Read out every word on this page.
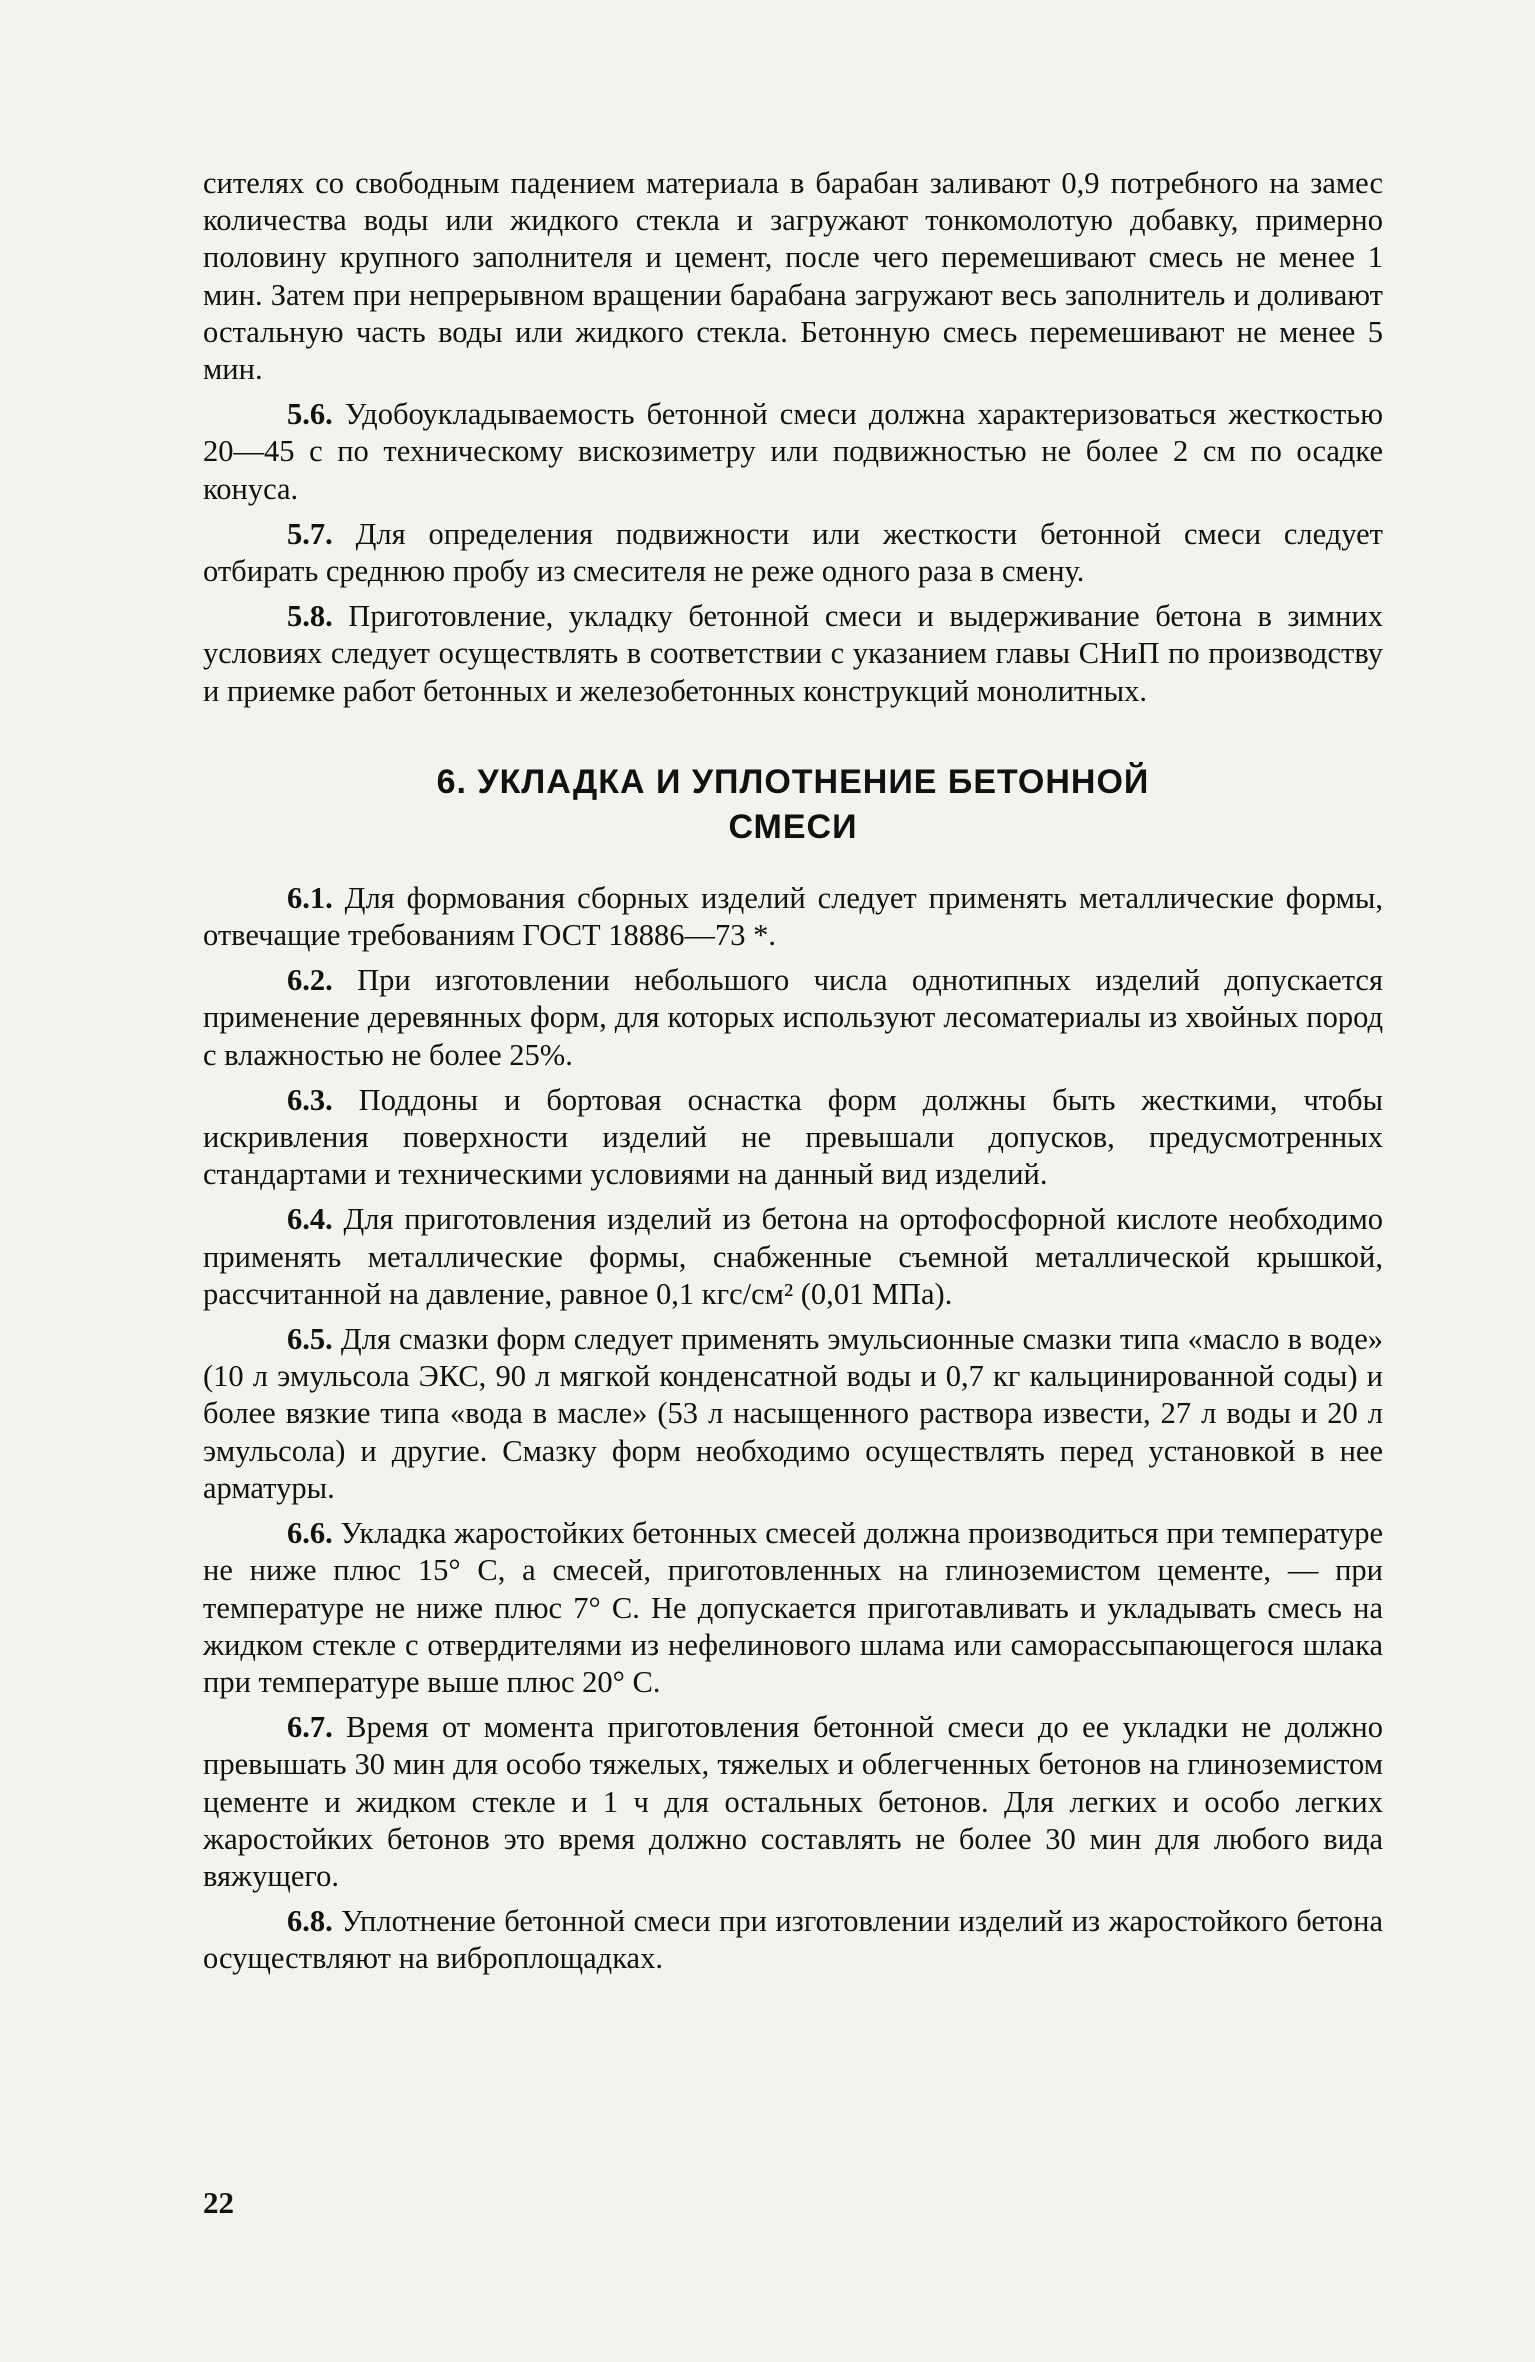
сителях со свободным падением материала в барабан заливают 0,9 потребного на замес количества воды или жидкого стекла и загружают тонкомолотую добавку, примерно половину крупного заполнителя и цемент, после чего перемешивают смесь не менее 1 мин. Затем при непрерывном вращении барабана загружают весь заполнитель и доливают остальную часть воды или жидкого стекла. Бетонную смесь перемешивают не менее 5 мин.

5.6. Удобоукладываемость бетонной смеси должна характеризоваться жесткостью 20—45 с по техническому вискозиметру или подвижностью не более 2 см по осадке конуса.

5.7. Для определения подвижности или жесткости бетонной смеси следует отбирать среднюю пробу из смесителя не реже одного раза в смену.

5.8. Приготовление, укладку бетонной смеси и выдерживание бетона в зимних условиях следует осуществлять в соответствии с указанием главы СНиП по производству и приемке работ бетонных и железобетонных конструкций монолитных.

6. УКЛАДКА И УПЛОТНЕНИЕ БЕТОННОЙ
СМЕСИ

6.1. Для формования сборных изделий следует применять металлические формы, отвечащие требованиям ГОСТ 18886—73 *.

6.2. При изготовлении небольшого числа однотипных изделий допускается применение деревянных форм, для которых используют лесоматериалы из хвойных пород с влажностью не более 25%.

6.3. Поддоны и бортовая оснастка форм должны быть жесткими, чтобы искривления поверхности изделий не превышали допусков, предусмотренных стандартами и техническими условиями на данный вид изделий.

6.4. Для приготовления изделий из бетона на ортофосфорной кислоте необходимо применять металлические формы, снабженные съемной металлической крышкой, рассчитанной на давление, равное 0,1 кгс/см² (0,01 МПа).

6.5. Для смазки форм следует применять эмульсионные смазки типа «масло в воде» (10 л эмульсола ЭКС, 90 л мягкой конденсатной воды и 0,7 кг кальцинированной соды) и более вязкие типа «вода в масле» (53 л насыщенного раствора извести, 27 л воды и 20 л эмульсола) и другие. Смазку форм необходимо осуществлять перед установкой в нее арматуры.

6.6. Укладка жаростойких бетонных смесей должна производиться при температуре не ниже плюс 15° С, а смесей, приготовленных на глиноземистом цементе, — при температуре не ниже плюс 7° С. Не допускается приготавливать и укладывать смесь на жидком стекле с отвердителями из нефелинового шлама или саморассыпающегося шлака при температуре выше плюс 20° С.

6.7. Время от момента приготовления бетонной смеси до ее укладки не должно превышать 30 мин для особо тяжелых, тяжелых и облегченных бетонов на глиноземистом цементе и жидком стекле и 1 ч для остальных бетонов. Для легких и особо легких жаростойких бетонов это время должно составлять не более 30 мин для любого вида вяжущего.

6.8. Уплотнение бетонной смеси при изготовлении изделий из жаростойкого бетона осуществляют на виброплощадках.

22
